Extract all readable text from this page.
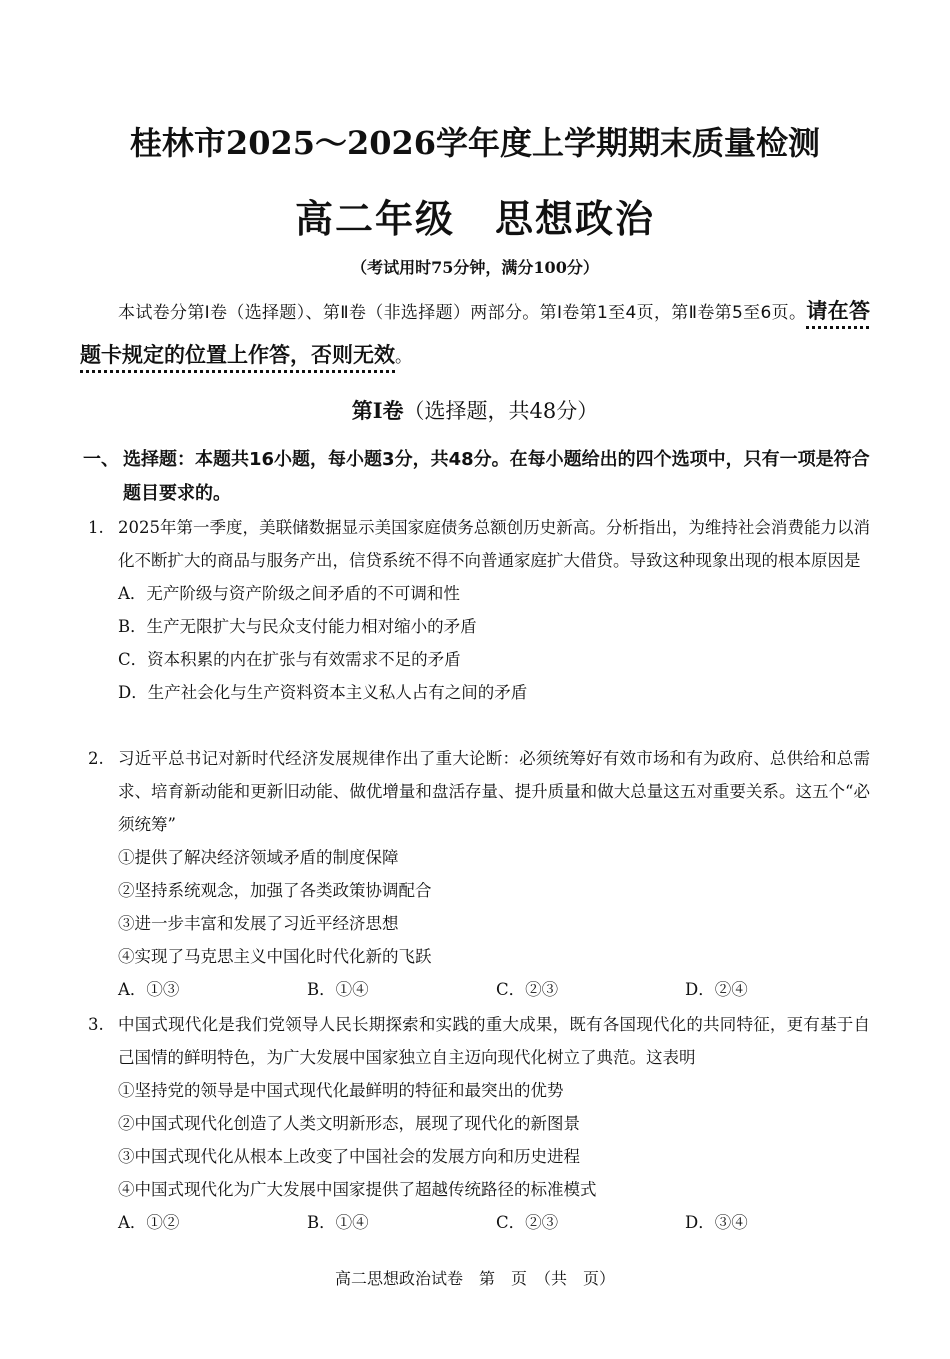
桂林市2025～2026学年度上学期期末质量检测
高二年级　思想政治
（考试用时75分钟，满分100分）
本试卷分第Ⅰ卷（选择题）、第Ⅱ卷（非选择题）两部分。第Ⅰ卷第1至4页，第Ⅱ卷第5至6页。请在答题卡规定的位置上作答，否则无效。
第Ⅰ卷（选择题，共48分）
一、 选择题：本题共16小题，每小题3分，共48分。在每小题给出的四个选项中，只有一项是符合题目要求的。
1. 2025年第一季度，美联储数据显示美国家庭债务总额创历史新高。分析指出，为维持社会消费能力以消化不断扩大的商品与服务产出，信贷系统不得不向普通家庭扩大借贷。导致这种现象出现的根本原因是
A．无产阶级与资产阶级之间矛盾的不可调和性
B．生产无限扩大与民众支付能力相对缩小的矛盾
C．资本积累的内在扩张与有效需求不足的矛盾
D．生产社会化与生产资料资本主义私人占有之间的矛盾
2. 习近平总书记对新时代经济发展规律作出了重大论断：必须统筹好有效市场和有为政府、总供给和总需求、培育新动能和更新旧动能、做优增量和盘活存量、提升质量和做大总量这五对重要关系。这五个“必须统筹”
①提供了解决经济领域矛盾的制度保障
②坚持系统观念，加强了各类政策协调配合
③进一步丰富和发展了习近平经济思想
④实现了马克思主义中国化时代化新的飞跃
A．①③	B．①④	C．②③	D．②④
3. 中国式现代化是我们党领导人民长期探索和实践的重大成果，既有各国现代化的共同特征，更有基于自己国情的鲜明特色，为广大发展中国家独立自主迈向现代化树立了典范。这表明
①坚持党的领导是中国式现代化最鲜明的特征和最突出的优势
②中国式现代化创造了人类文明新形态，展现了现代化的新图景
③中国式现代化从根本上改变了中国社会的发展方向和历史进程
④中国式现代化为广大发展中国家提供了超越传统路径的标准模式
A．①②	B．①④	C．②③	D．③④
高二思想政治试卷　第　页　（共　页）
